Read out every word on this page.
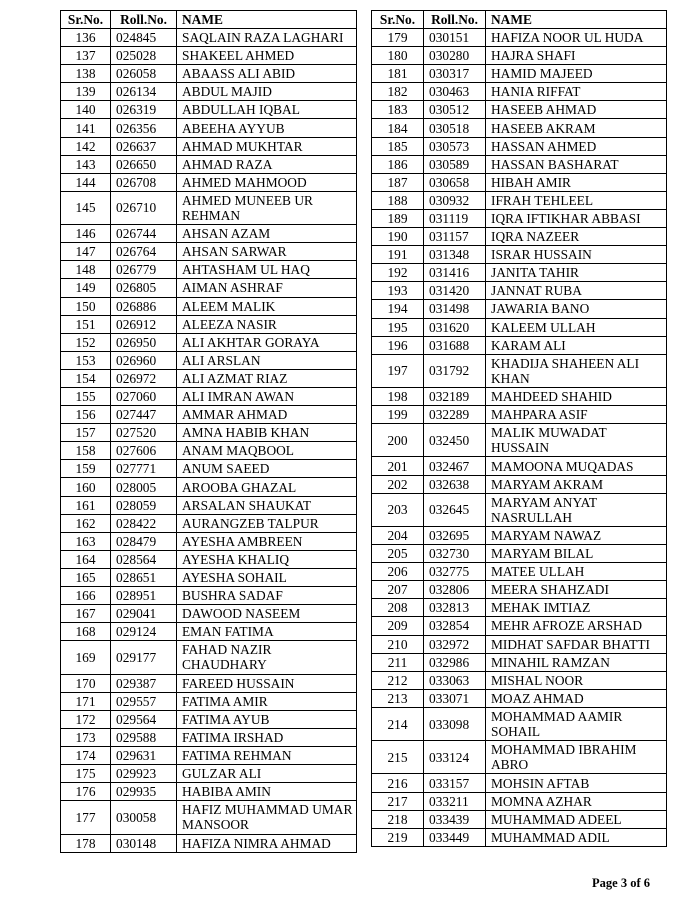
Sr.No.	Roll.No.	NAME
136	024845	SAQLAIN RAZA LAGHARI
137	025028	SHAKEEL AHMED
138	026058	ABAASS ALI ABID
139	026134	ABDUL MAJID
140	026319	ABDULLAH IQBAL
141	026356	ABEEHA AYYUB
142	026637	AHMAD MUKHTAR
143	026650	AHMAD RAZA
144	026708	AHMED MAHMOOD
145	026710	AHMED MUNEEB UR REHMAN
146	026744	AHSAN AZAM
147	026764	AHSAN SARWAR
148	026779	AHTASHAM UL HAQ
149	026805	AIMAN ASHRAF
150	026886	ALEEM MALIK
151	026912	ALEEZA NASIR
152	026950	ALI AKHTAR GORAYA
153	026960	ALI ARSLAN
154	026972	ALI AZMAT RIAZ
155	027060	ALI IMRAN AWAN
156	027447	AMMAR AHMAD
157	027520	AMNA HABIB KHAN
158	027606	ANAM MAQBOOL
159	027771	ANUM SAEED
160	028005	AROOBA GHAZAL
161	028059	ARSALAN SHAUKAT
162	028422	AURANGZEB TALPUR
163	028479	AYESHA AMBREEN
164	028564	AYESHA KHALIQ
165	028651	AYESHA SOHAIL
166	028951	BUSHRA SADAF
167	029041	DAWOOD NASEEM
168	029124	EMAN FATIMA
169	029177	FAHAD NAZIR CHAUDHARY
170	029387	FAREED HUSSAIN
171	029557	FATIMA AMIR
172	029564	FATIMA AYUB
173	029588	FATIMA IRSHAD
174	029631	FATIMA REHMAN
175	029923	GULZAR ALI
176	029935	HABIBA AMIN
177	030058	HAFIZ MUHAMMAD UMAR MANSOOR
178	030148	HAFIZA NIMRA AHMAD
Sr.No.	Roll.No.	NAME
179	030151	HAFIZA NOOR UL HUDA
180	030280	HAJRA SHAFI
181	030317	HAMID MAJEED
182	030463	HANIA RIFFAT
183	030512	HASEEB AHMAD
184	030518	HASEEB AKRAM
185	030573	HASSAN AHMED
186	030589	HASSAN BASHARAT
187	030658	HIBAH AMIR
188	030932	IFRAH TEHLEEL
189	031119	IQRA IFTIKHAR ABBASI
190	031157	IQRA NAZEER
191	031348	ISRAR HUSSAIN
192	031416	JANITA TAHIR
193	031420	JANNAT RUBA
194	031498	JAWARIA BANO
195	031620	KALEEM ULLAH
196	031688	KARAM ALI
197	031792	KHADIJA SHAHEEN ALI KHAN
198	032189	MAHDEED SHAHID
199	032289	MAHPARA ASIF
200	032450	MALIK MUWADAT HUSSAIN
201	032467	MAMOONA MUQADAS
202	032638	MARYAM AKRAM
203	032645	MARYAM ANYAT NASRULLAH
204	032695	MARYAM NAWAZ
205	032730	MARYAM BILAL
206	032775	MATEE ULLAH
207	032806	MEERA SHAHZADI
208	032813	MEHAK IMTIAZ
209	032854	MEHR AFROZE ARSHAD
210	032972	MIDHAT SAFDAR BHATTI
211	032986	MINAHIL RAMZAN
212	033063	MISHAL NOOR
213	033071	MOAZ AHMAD
214	033098	MOHAMMAD AAMIR SOHAIL
215	033124	MOHAMMAD IBRAHIM ABRO
216	033157	MOHSIN AFTAB
217	033211	MOMNA AZHAR
218	033439	MUHAMMAD ADEEL
219	033449	MUHAMMAD ADIL
Page 3 of 6
